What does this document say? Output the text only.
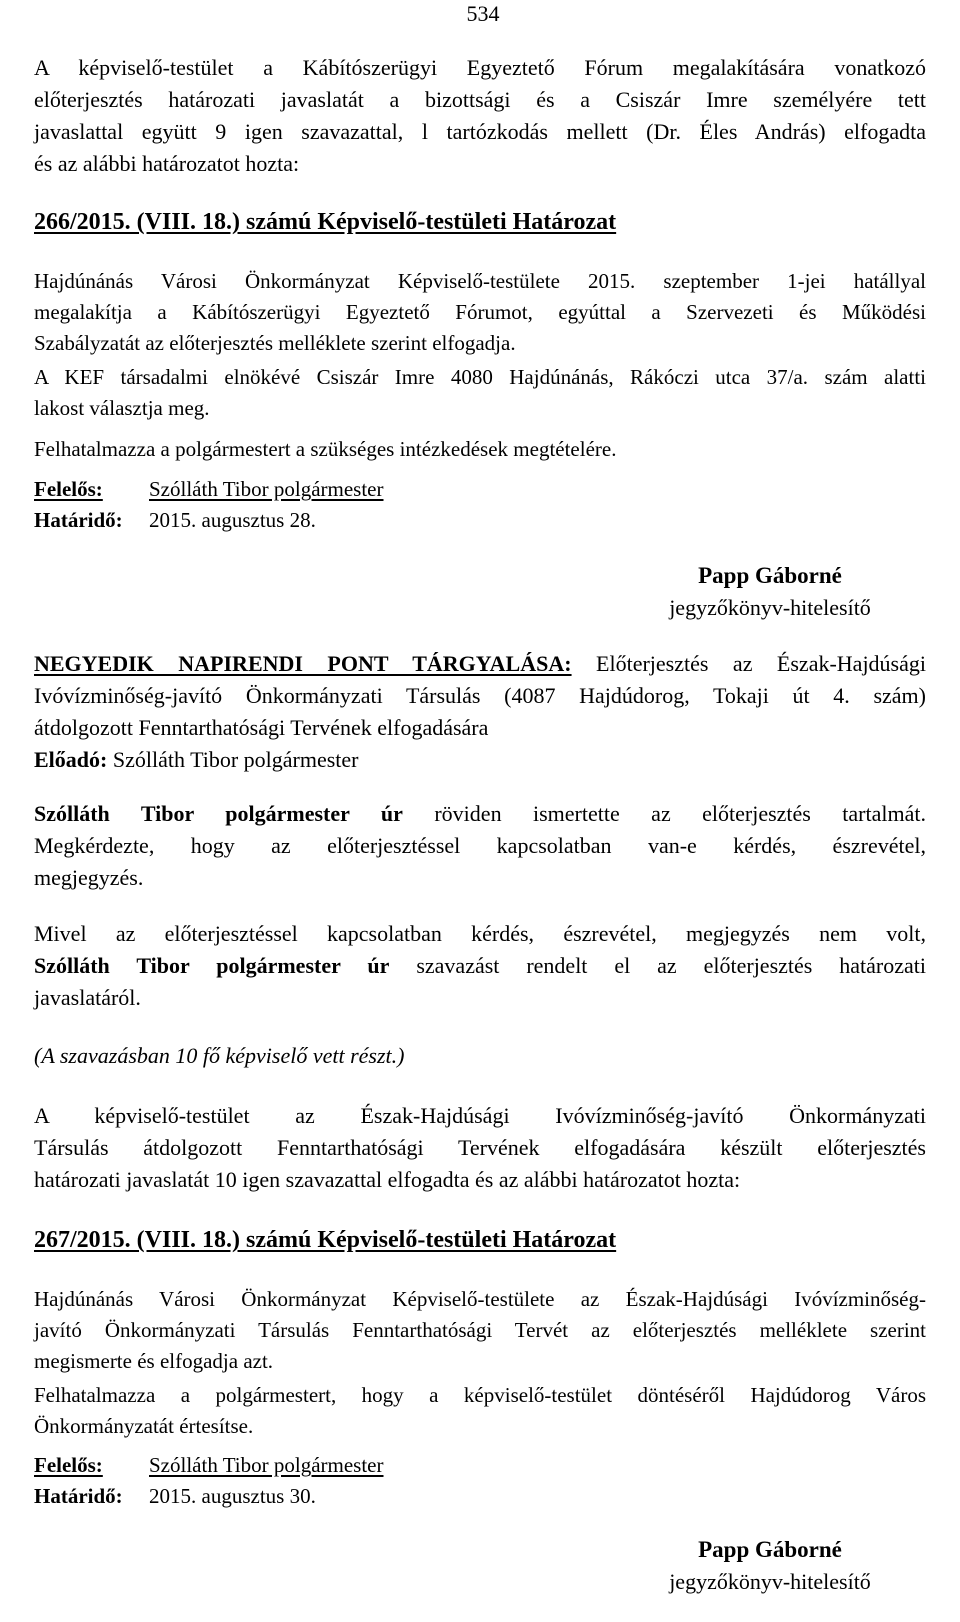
534
A képviselő-testület a Kábítószerügyi Egyeztető Fórum megalakítására vonatkozó
előterjesztés határozati javaslatát a bizottsági és a Csiszár Imre személyére tett
javaslattal együtt 9 igen szavazattal, l tartózkodás mellett (Dr. Éles András) elfogadta
és az alábbi határozatot hozta:
266/2015. (VIII. 18.) számú Képviselő-testületi Határozat
Hajdúnánás Városi Önkormányzat Képviselő-testülete 2015. szeptember 1-jei hatállyal
megalakítja a Kábítószerügyi Egyeztető Fórumot, egyúttal a Szervezeti és Működési
Szabályzatát az előterjesztés melléklete szerint elfogadja.
A KEF társadalmi elnökévé Csiszár Imre 4080 Hajdúnánás, Rákóczi utca 37/a. szám alatti
lakost választja meg.
Felhatalmazza a polgármestert a szükséges intézkedések megtételére.
Felelős: Szólláth Tibor polgármester
Határidő: 2015. augusztus 28.
Papp Gáborné
jegyzőkönyv-hitelesítő
NEGYEDIK NAPIRENDI PONT TÁRGYALÁSA: Előterjesztés az Észak-Hajdúsági
Ivóvízminőség-javító Önkormányzati Társulás (4087 Hajdúdorog, Tokaji út 4. szám)
átdolgozott Fenntarthatósági Tervének elfogadására
Előadó: Szólláth Tibor polgármester
Szólláth Tibor polgármester úr röviden ismertette az előterjesztés tartalmát.
Megkérdezte, hogy az előterjesztéssel kapcsolatban van-e kérdés, észrevétel,
megjegyzés.
Mivel az előterjesztéssel kapcsolatban kérdés, észrevétel, megjegyzés nem volt,
Szólláth Tibor polgármester úr szavazást rendelt el az előterjesztés határozati
javaslatáról.
(A szavazásban 10 fő képviselő vett részt.)
A képviselő-testület az Észak-Hajdúsági Ivóvízminőség-javító Önkormányzati
Társulás átdolgozott Fenntarthatósági Tervének elfogadására készült előterjesztés
határozati javaslatát 10 igen szavazattal elfogadta és az alábbi határozatot hozta:
267/2015. (VIII. 18.) számú Képviselő-testületi Határozat
Hajdúnánás Városi Önkormányzat Képviselő-testülete az Észak-Hajdúsági Ivóvízminőség-
javító Önkormányzati Társulás Fenntarthatósági Tervét az előterjesztés melléklete szerint
megismerte és elfogadja azt.
Felhatalmazza a polgármestert, hogy a képviselő-testület döntéséről Hajdúdorog Város
Önkormányzatát értesítse.
Felelős: Szólláth Tibor polgármester
Határidő: 2015. augusztus 30.
Papp Gáborné
jegyzőkönyv-hitelesítő
